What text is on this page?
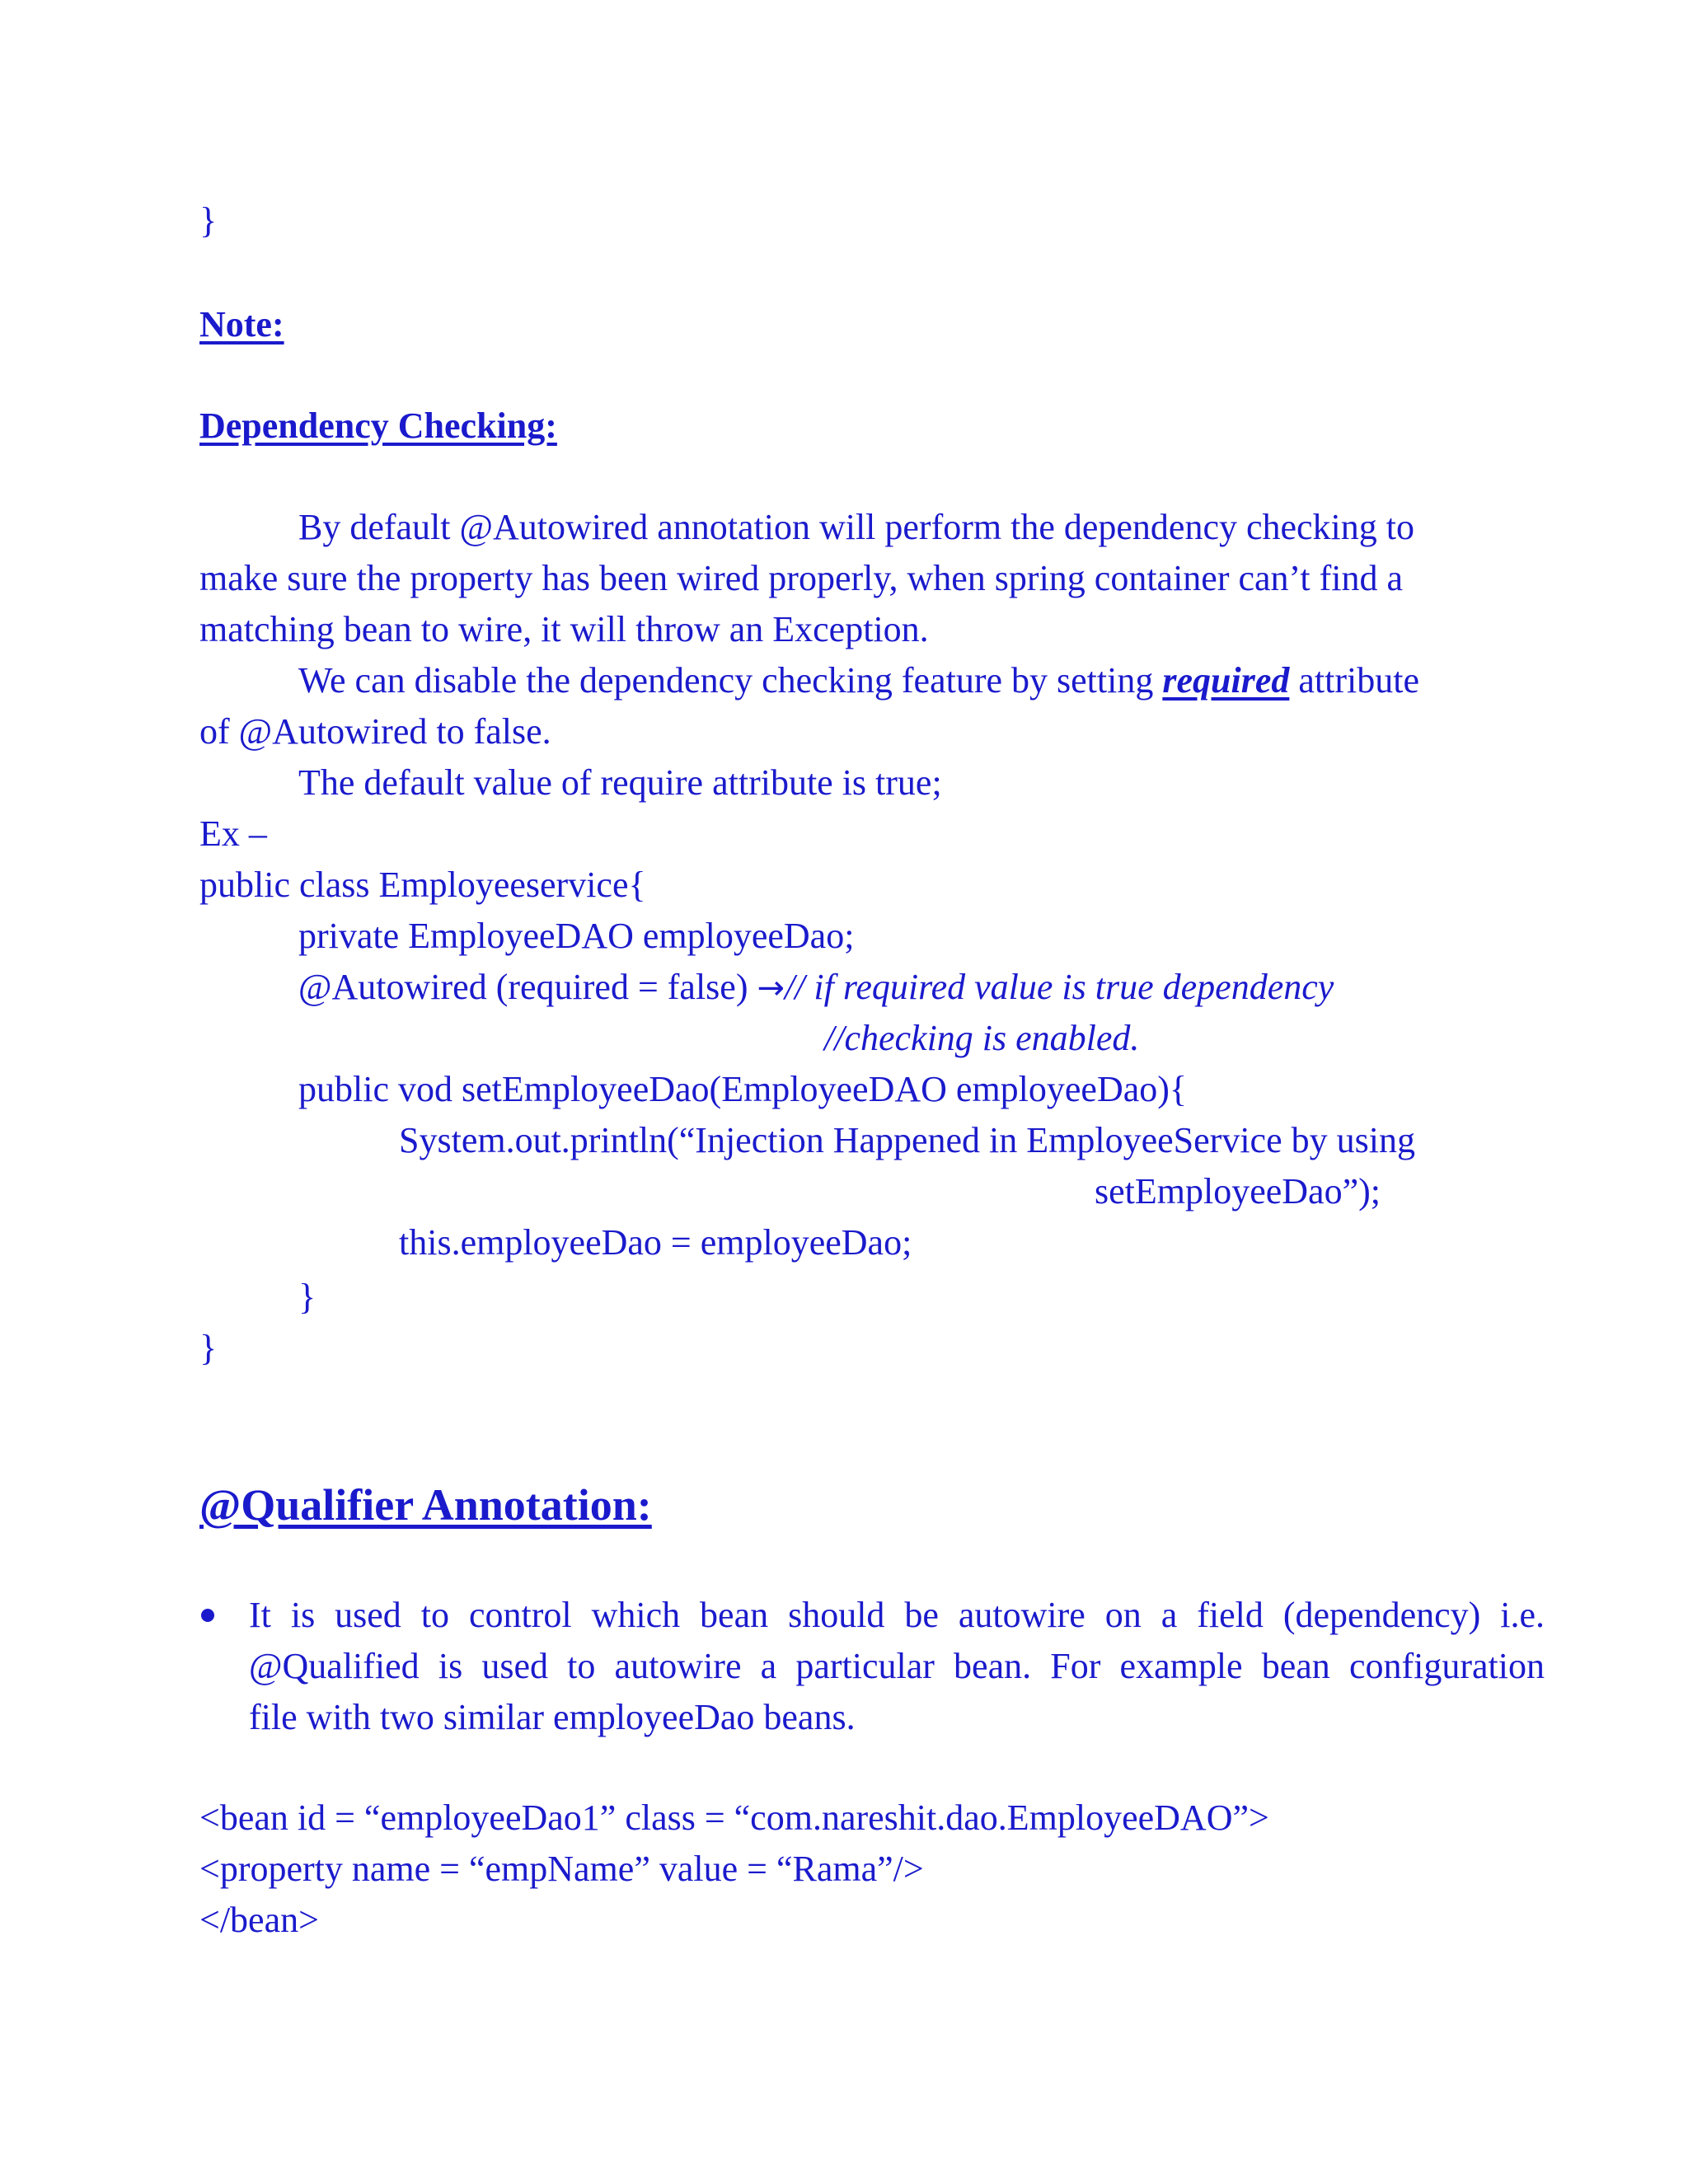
}
Note:
Dependency Checking:
By default @Autowired annotation will perform the dependency checking to
make sure the property has been wired properly, when spring container can’t find a
matching bean to wire, it will throw an Exception.
We can disable the dependency checking feature by setting required attribute
of @Autowired to false.
The default value of require attribute is true;
Ex –
public class Employeeservice{
private EmployeeDAO employeeDao;
@Autowired (required = false) →// if required value is true dependency
//checking is enabled.
public vod setEmployeeDao(EmployeeDAO employeeDao){
System.out.println(“Injection Happened in EmployeeService by using
setEmployeeDao”);
this.employeeDao = employeeDao;
}
}
@Qualifier Annotation:
It is used to control which bean should be autowire on a field (dependency) i.e.
@Qualified is used to autowire a particular bean. For example bean configuration
file with two similar employeeDao beans.
<bean id = “employeeDao1” class = “com.nareshit.dao.EmployeeDAO”>
<property name = “empName” value = “Rama”/>
</bean>
